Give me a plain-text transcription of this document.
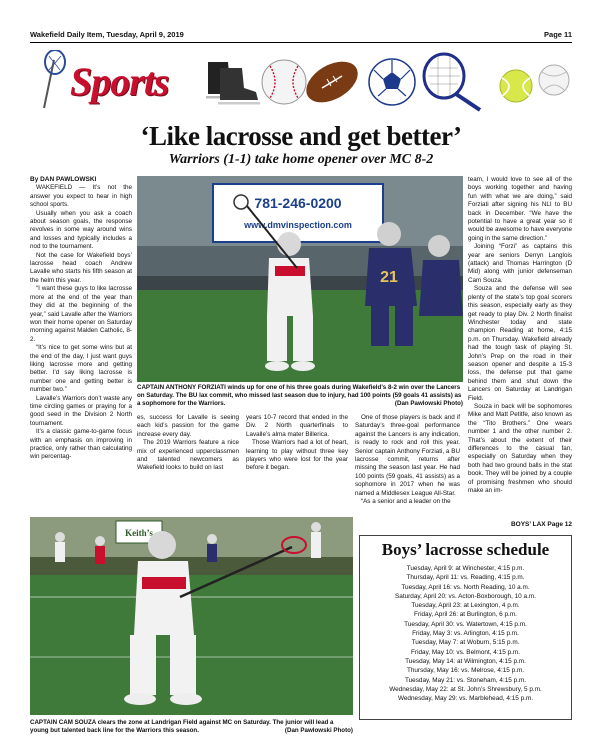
Wakefield Daily Item, Tuesday, April 9, 2019	Page 11
Sports
‘Like lacrosse and get better’
Warriors (1-1) take home opener over MC 8-2

By DAN PAWLOWSKI

WAKEFIELD — It’s not the answer you expect to hear in high school sports.

Usually when you ask a coach about season goals, the response revolves in some way around wins and losses and typically includes a nod to the tournament.

Not the case for Wakefield boys’ lacrosse head coach Andrew Lavalle who starts his fifth season at the helm this year.

“I want these guys to like lacrosse more at the end of the year than they did at the beginning of the year,” said Lavalle after the Warriors won their home opener on Saturday morning against Malden Catholic, 8-2.

“It’s nice to get some wins but at the end of the day, I just want guys liking lacrosse more and getting better. I’d say liking lacrosse is number one and getting better is number two.”

Lavalle’s Warriors don’t waste any time circling games or praying for a good seed in the Division 2 North tournament.

It’s a classic game-to-game focus with an emphasis on improving in practice, only rather than calculating win percentag-

781-246-0200
www.dmvinspection.com
21
CAPTAIN ANTHONY FORZIATI winds up for one of his three goals during Wakefield’s 8-2 win over the Lancers on Saturday. The BU lax commit, who missed last season due to injury, had 100 points (59 goals 41 assists) as a sophomore for the Warriors.	(Dan Pawlowski Photo)

es, success for Lavalle is seeing each kid’s passion for the game increase every day.

The 2019 Warriors feature a nice mix of experienced upperclassmen and talented newcomers as Wakefield looks to build on last

years 10-7 record that ended in the Div. 2 North quarterfinals to Lavalle’s alma mater Billerica.

Those Warriors had a lot of heart, learning to play without three key players who were lost for the year before it began.

One of those players is back and if Saturday’s three-goal performance against the Lancers is any indication, is ready to rock and roll this year. Senior captain Anthony Forziati, a BU lacrosse commit, returns after missing the season last year. He had 100 points (59 goals, 41 assists) as a sophomore in 2017 when he was named a Middlesex League All-Star.

“As a senior and a leader on the

team, I would love to see all of the boys working together and having fun with what we are doing,” said Forziati after signing his NLI to BU back in December. “We have the potential to have a great year so it would be awesome to have everyone going in the same direction.”

Joining “Forzi” as captains this year are seniors Derryn Langlois (attack) and Thomas Harrington (D Mid) along with junior defenseman Cam Souza.

Souza and the defense will see plenty of the state’s top goal scorers this season, especially early as they get ready to play Div. 2 North finalist Winchester today and state champion Reading at home, 4:15 p.m. on Thursday. Wakefield already had the tough task of playing St. John’s Prep on the road in their season opener and despite a 15-3 loss, the defense put that game behind them and shut down the Lancers on Saturday at Landrigan Field.

Souza in back will be sophomores Mike and Matt Petitfe, also known as the “Tito Brothers.” One wears number 1 and the other number 2. That’s about the extent of their differences to the casual fan, especially on Saturday when they both had two ground balls in the stat book. They will be joined by a couple of promising freshmen who should make an im-

BOYS’ LAX Page 12
Keith’s
CAPTAIN CAM SOUZA clears the zone at Landrigan Field against MC on Saturday. The junior will lead a young but talented back line for the Warriors this season.	(Dan Pawlowski Photo)
Boys’ lacrosse schedule
Tuesday, April 9: at Winchester, 4:15 p.m.
Thursday, April 11: vs. Reading, 4:15 p.m.
Tuesday, April 16: vs. North Reading, 10 a.m.
Saturday, April 20: vs. Acton-Boxborough, 10 a.m.
Tuesday, April 23: at Lexington, 4 p.m.
Friday, April 26: at Burlington, 6 p.m.
Tuesday, April 30: vs. Watertown, 4:15 p.m.
Friday, May 3: vs. Arlington, 4:15 p.m.
Tuesday, May 7: at Woburn, 5:15 p.m.
Friday, May 10: vs. Belmont, 4:15 p.m.
Tuesday, May 14: at Wilmington, 4:15 p.m.
Thursday, May 16: vs. Melrose, 4:15 p.m.
Tuesday, May 21: vs. Stoneham, 4:15 p.m.
Wednesday, May 22: at St. John’s Shrewsbury, 5 p.m.
Wednesday, May 29: vs. Marblehead, 4:15 p.m.
